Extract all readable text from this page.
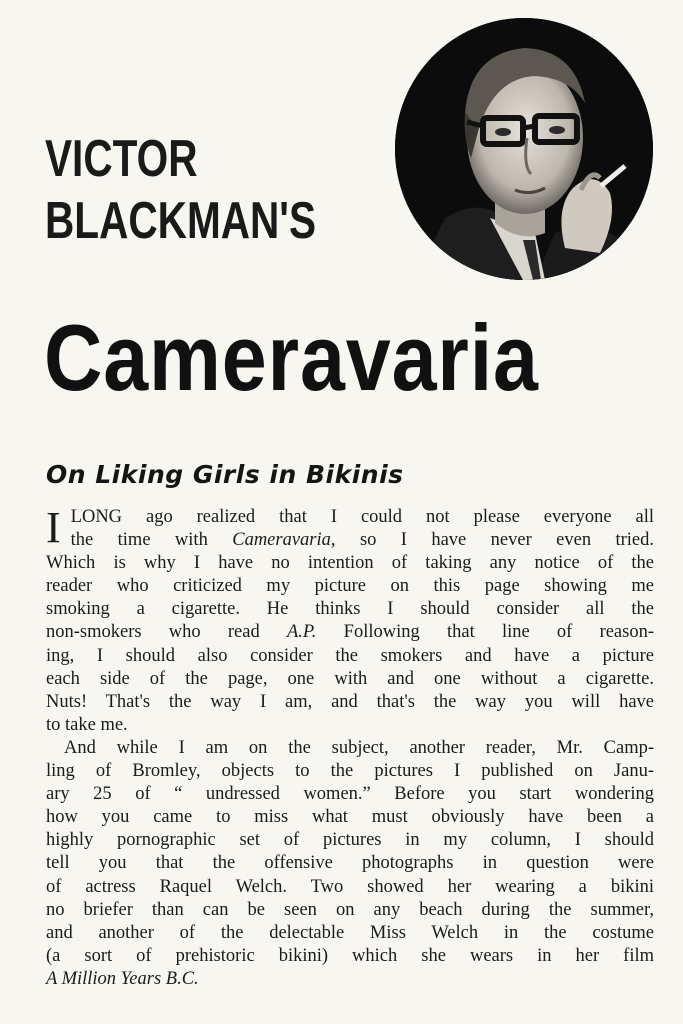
VICTOR
BLACKMAN'S
Cameravaria
On Liking Girls in Bikinis
I LONG ago realized that I could not please everyone all
the time with Cameravaria, so I have never even tried.
Which is why I have no intention of taking any notice of the
reader who criticized my picture on this page showing me
smoking a cigarette. He thinks I should consider all the
non-smokers who read A.P. Following that line of reason-
ing, I should also consider the smokers and have a picture
each side of the page, one with and one without a cigarette.
Nuts! That's the way I am, and that's the way you will have
to take me.
And while I am on the subject, another reader, Mr. Camp-
ling of Bromley, objects to the pictures I published on Janu-
ary 25 of “ undressed women.” Before you start wondering
how you came to miss what must obviously have been a
highly pornographic set of pictures in my column, I should
tell you that the offensive photographs in question were
of actress Raquel Welch. Two showed her wearing a bikini
no briefer than can be seen on any beach during the summer,
and another of the delectable Miss Welch in the costume
(a sort of prehistoric bikini) which she wears in her film
A Million Years B.C.
